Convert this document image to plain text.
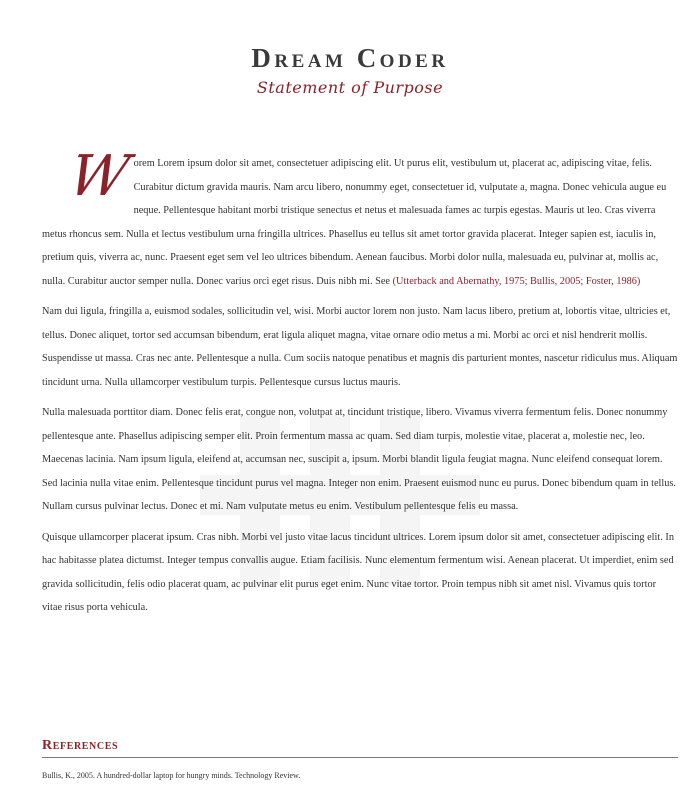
Dream Coder
Statement of Purpose

W
orem Lorem ipsum dolor sit amet, consectetuer adipiscing elit. Ut purus elit, vestibulum ut, placerat ac, adipiscing vitae, felis. Curabitur dictum gravida mauris. Nam arcu libero, nonummy eget, consectetuer id, vulputate a, magna. Donec vehicula augue eu neque. Pellentesque habitant morbi tristique senectus et netus et malesuada fames ac turpis egestas. Mauris ut leo. Cras viverra metus rhoncus sem. Nulla et lectus vestibulum urna fringilla ultrices. Phasellus eu tellus sit amet tortor gravida placerat. Integer sapien est, iaculis in, pretium quis, viverra ac, nunc. Praesent eget sem vel leo ultrices bibendum. Aenean faucibus. Morbi dolor nulla, malesuada eu, pulvinar at, mollis ac, nulla. Curabitur auctor semper nulla. Donec varius orci eget risus. Duis nibh mi. See (Utterback and Abernathy, 1975; Bullis, 2005; Foster, 1986)

Nam dui ligula, fringilla a, euismod sodales, sollicitudin vel, wisi. Morbi auctor lorem non justo. Nam lacus libero, pretium at, lobortis vitae, ultricies et, tellus. Donec aliquet, tortor sed accumsan bibendum, erat ligula aliquet magna, vitae ornare odio metus a mi. Morbi ac orci et nisl hendrerit mollis. Suspendisse ut massa. Cras nec ante. Pellentesque a nulla. Cum sociis natoque penatibus et magnis dis parturient montes, nascetur ridiculus mus. Aliquam tincidunt urna. Nulla ullamcorper vestibulum turpis. Pellentesque cursus luctus mauris.

Nulla malesuada porttitor diam. Donec felis erat, congue non, volutpat at, tincidunt tristique, libero. Vivamus viverra fermentum felis. Donec nonummy pellentesque ante. Phasellus adipiscing semper elit. Proin fermentum massa ac quam. Sed diam turpis, molestie vitae, placerat a, molestie nec, leo. Maecenas lacinia. Nam ipsum ligula, eleifend at, accumsan nec, suscipit a, ipsum. Morbi blandit ligula feugiat magna. Nunc eleifend consequat lorem. Sed lacinia nulla vitae enim. Pellentesque tincidunt purus vel magna. Integer non enim. Praesent euismod nunc eu purus. Donec bibendum quam in tellus. Nullam cursus pulvinar lectus. Donec et mi. Nam vulputate metus eu enim. Vestibulum pellentesque felis eu massa.

Quisque ullamcorper placerat ipsum. Cras nibh. Morbi vel justo vitae lacus tincidunt ultrices. Lorem ipsum dolor sit amet, consectetuer adipiscing elit. In hac habitasse platea dictumst. Integer tempus convallis augue. Etiam facilisis. Nunc elementum fermentum wisi. Aenean placerat. Ut imperdiet, enim sed gravida sollicitudin, felis odio placerat quam, ac pulvinar elit purus eget enim. Nunc vitae tortor. Proin tempus nibh sit amet nisl. Vivamus quis tortor vitae risus porta vehicula.

References
Bullis, K., 2005. A hundred-dollar laptop for hungry minds. Technology Review.
